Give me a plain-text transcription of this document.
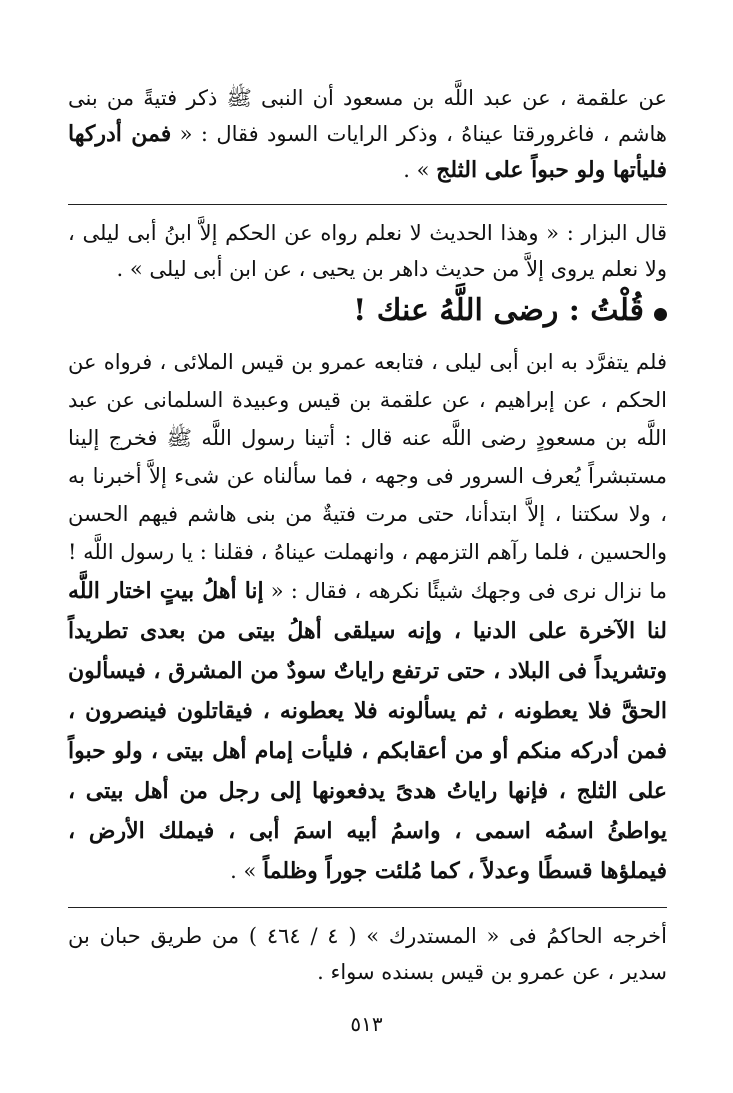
عن علقمة ، عن عبد اللَّه بن مسعود أن النبى ﷺ ذكر فتيةً من بنى هاشم ، فاغرورقتا عيناهُ ، وذكر الرايات السود فقال : « فمن أدركها فليأتها ولو حبواً على الثلج » .

قال البزار : « وهذا الحديث لا نعلم رواه عن الحكم إلاَّ ابنُ أبى ليلى ، ولا نعلم يروى إلاَّ من حديث داهر بن يحيى ، عن ابن أبى ليلى » .

قُلْتُ : رضى اللَّهُ عنك !

فلم يتفرَّد به ابن أبى ليلى ، فتابعه عمرو بن قيس الملائى ، فرواه عن الحكم ، عن إبراهيم ، عن علقمة بن قيس وعبيدة السلمانى عن عبد اللَّه بن مسعودٍ رضى اللَّه عنه قال : أتينا رسول اللَّه ﷺ فخرج إلينا مستبشراً يُعرف السرور فى وجهه ، فما سألناه عن شىء إلاَّ أخبرنا به ، ولا سكتنا ، إلاَّ ابتدأنا، حتى مرت فتيةٌ من بنى هاشم فيهم الحسن والحسين ، فلما رآهم التزمهم ، وانهملت عيناهُ ، فقلنا : يا رسول اللَّه ! ما نزال نرى فى وجهك شيئًا نكرهه ، فقال : « إنا أهلُ بيتٍ اختار اللَّه لنا الآخرة على الدنيا ، وإنه سيلقى أهلُ بيتى من بعدى تطريداً وتشريداً فى البلاد ، حتى ترتفع راياتٌ سودٌ من المشرق ، فيسألون الحقَّ فلا يعطونه ، ثم يسألونه فلا يعطونه ، فيقاتلون فينصرون ، فمن أدركه منكم أو من أعقابكم ، فليأت إمام أهل بيتى ، ولو حبواً على الثلج ، فإنها راياتُ هدىً يدفعونها إلى رجل من أهل بيتى ، يواطئُ اسمُه اسمى ، واسمُ أبيه اسمَ أبى ، فيملك الأرض ، فيملؤها قسطًا وعدلاً ، كما مُلئت جوراً وظلماً » .

أخرجه الحاكمُ فى « المستدرك » ( ٤ / ٤٦٤ ) من طريق حبان بن سدير ، عن عمرو بن قيس بسنده سواء .

٥١٣
